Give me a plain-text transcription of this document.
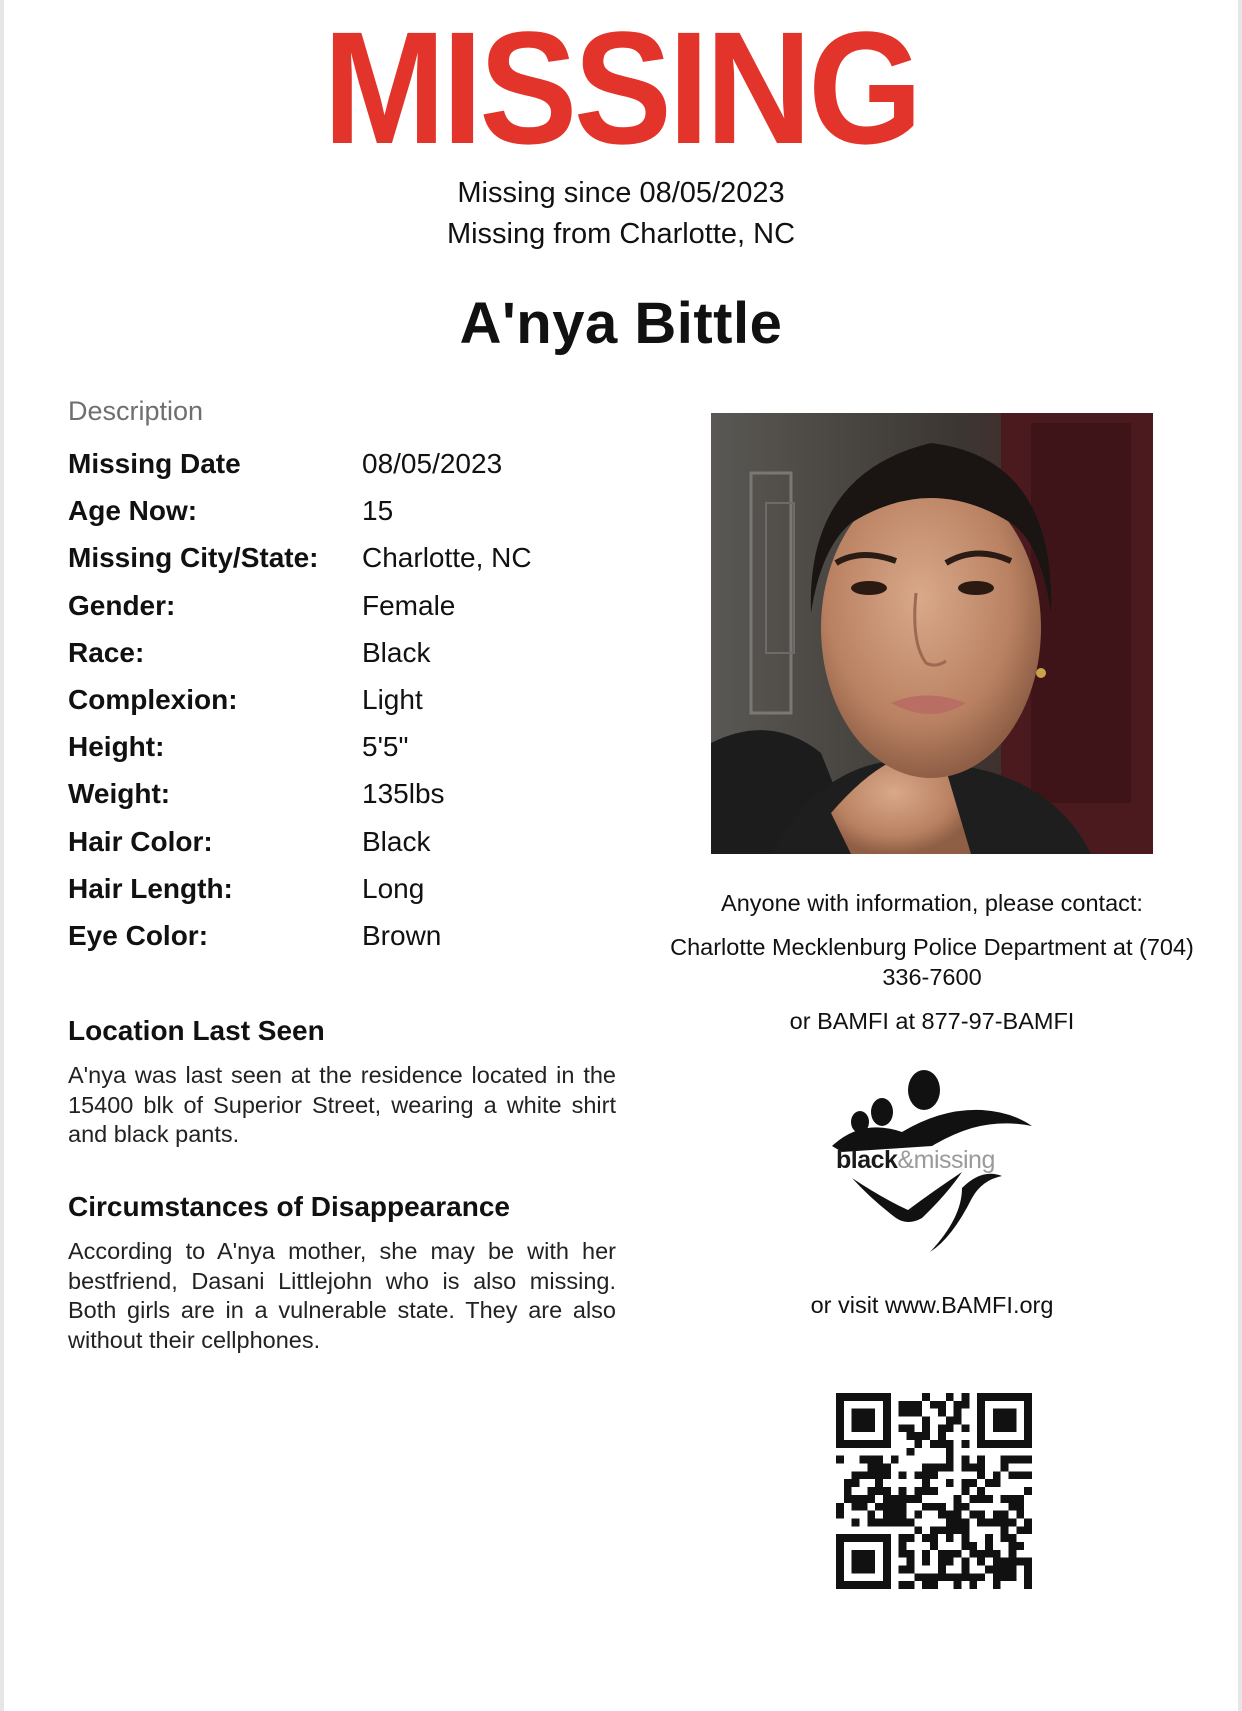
MISSING
Missing since 08/05/2023
Missing from Charlotte, NC
A'nya Bittle
Description
Missing Date	08/05/2023
Age Now:	15
Missing City/State: Charlotte, NC
Gender:	Female
Race:	Black
Complexion:	Light
Height:	5'5"
Weight:	135lbs
Hair Color:	Black
Hair Length:	Long
Eye Color:	Brown
Location Last Seen
A'nya was last seen at the residence located in the 15400 blk of Superior Street, wearing a white shirt and black pants.
Circumstances of Disappearance
According to A'nya mother, she may be with her bestfriend, Dasani Littlejohn who is also missing. Both girls are in a vulnerable state. They are also without their cellphones.
Anyone with information, please contact:
Charlotte Mecklenburg Police Department at (704) 336-7600
or BAMFI at 877-97-BAMFI
black&missing
or visit www.BAMFI.org
